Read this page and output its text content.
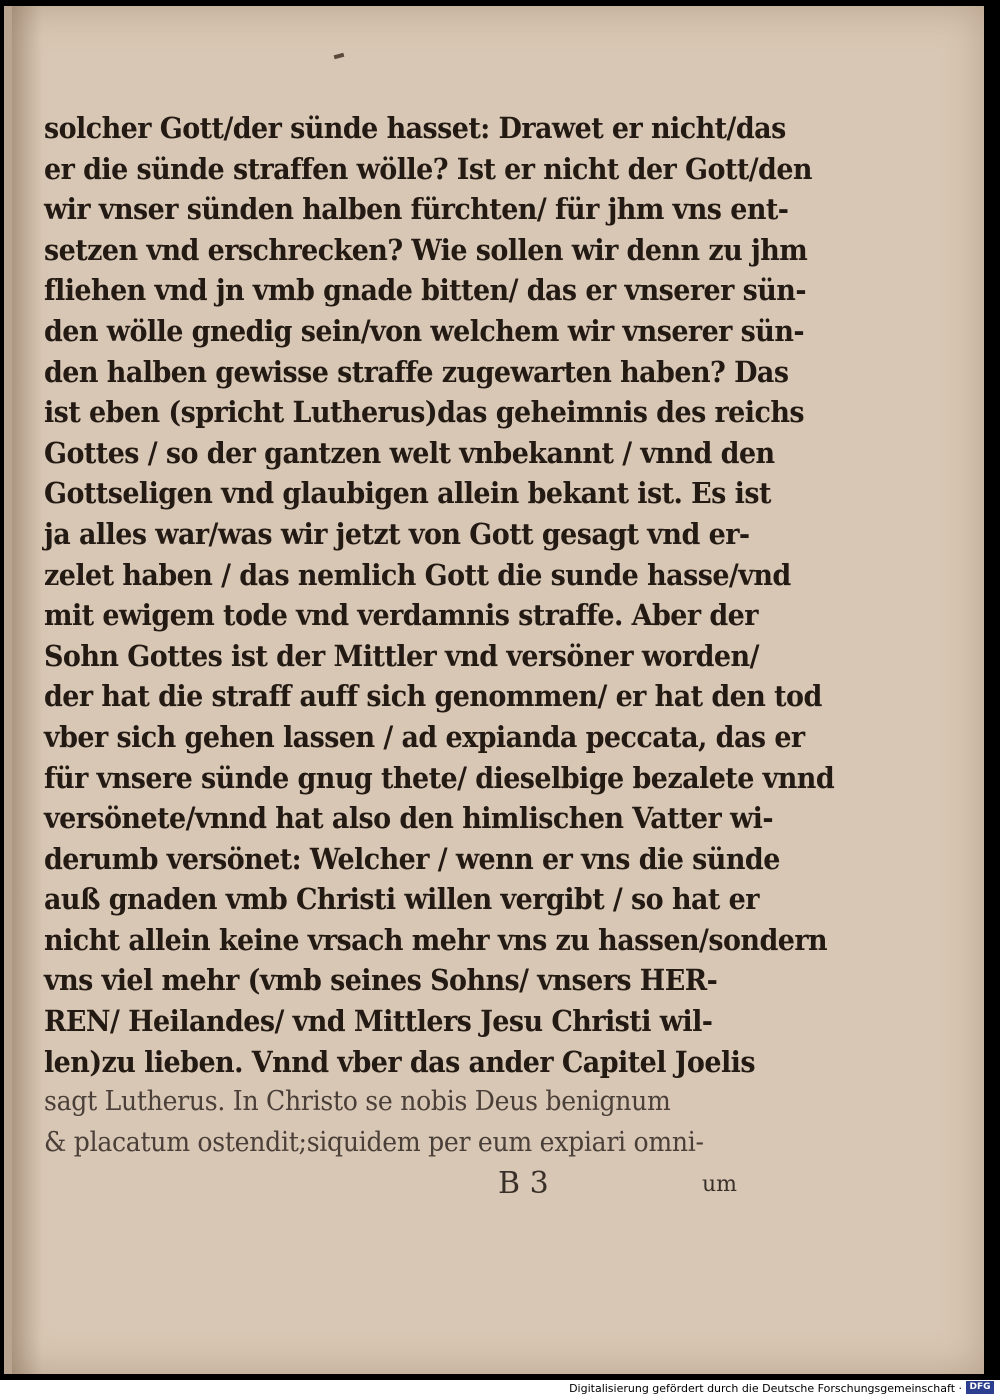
solcher Gott/der sünde hasset: Drawet er nicht/das
er die sünde straffen wölle? Ist er nicht der Gott/den
wir vnser sünden halben fürchten/ für jhm vns ent-
setzen vnd erschrecken? Wie sollen wir denn zu jhm
fliehen vnd jn vmb gnade bitten/ das er vnserer sün-
den wölle gnedig sein/von welchem wir vnserer sün-
den halben gewisse straffe zugewarten haben? Das
ist eben (spricht Lutherus)das geheimnis des reichs
Gottes / so der gantzen welt vnbekannt / vnnd den
Gottseligen vnd glaubigen allein bekant ist. Es ist
ja alles war/was wir jetzt von Gott gesagt vnd er-
zelet haben / das nemlich Gott die sunde hasse/vnd
mit ewigem tode vnd verdamnis straffe. Aber der
Sohn Gottes ist der Mittler vnd versöner worden/
der hat die straff auff sich genommen/ er hat den tod
vber sich gehen lassen / ad expianda peccata, das er
für vnsere sünde gnug thete/ dieselbige bezalete vnnd
versönete/vnnd hat also den himlischen Vatter wi-
derumb versönet: Welcher / wenn er vns die sünde
auß gnaden vmb Christi willen vergibt / so hat er
nicht allein keine vrsach mehr vns zu hassen/sondern
vns viel mehr (vmb seines Sohns/ vnsers HER-
REN/ Heilandes/ vnd Mittlers Jesu Christi wil-
len)zu lieben. Vnnd vber das ander Capitel Joelis
sagt Lutherus. In Christo se nobis Deus benignum
& placatum ostendit;siquidem per eum expiari omni-
B 3	um
Digitalisierung gefördert durch die Deutsche Forschungsgemeinschaft · DFG
